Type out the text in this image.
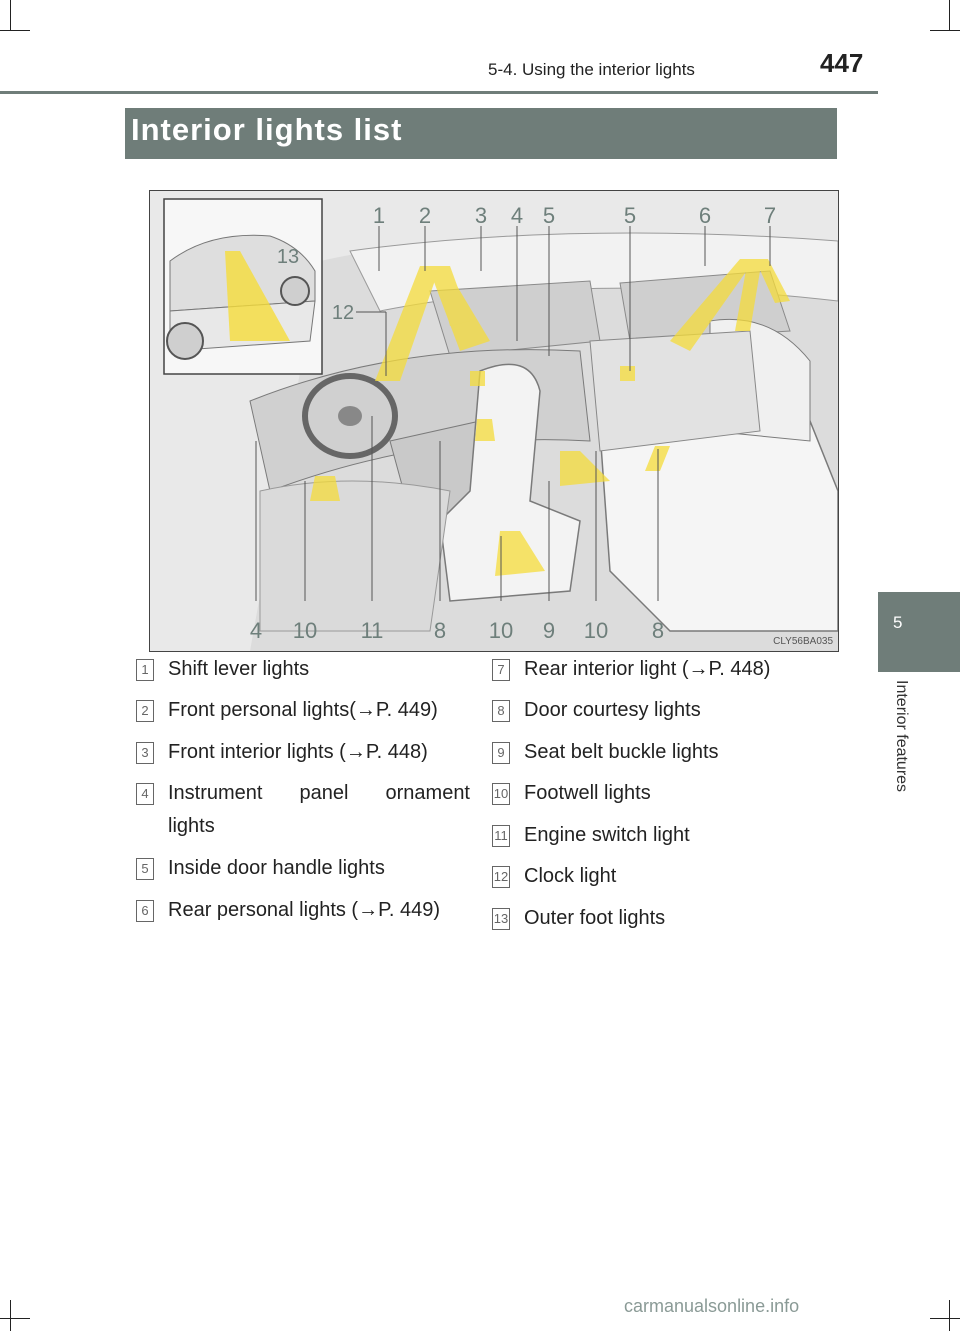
5-4. Using the interior lights	447
5
Interior features
Interior lights list
1 2 3 4 5	5	6 7
12
13
4 10 11 8 10 9 10 8	CLY56BA035
1 Shift lever lights
2 Front personal lights(→P. 449)
3 Front interior lights (→P. 448)
4 Instrument panel ornament
lights
5 Inside door handle lights
6 Rear personal lights (→P. 449)
7 Rear interior light (→P. 448)
8 Door courtesy lights
9 Seat belt buckle lights
10 Footwell lights
11 Engine switch light
12 Clock light
13 Outer foot lights
carmanualsonline.info
